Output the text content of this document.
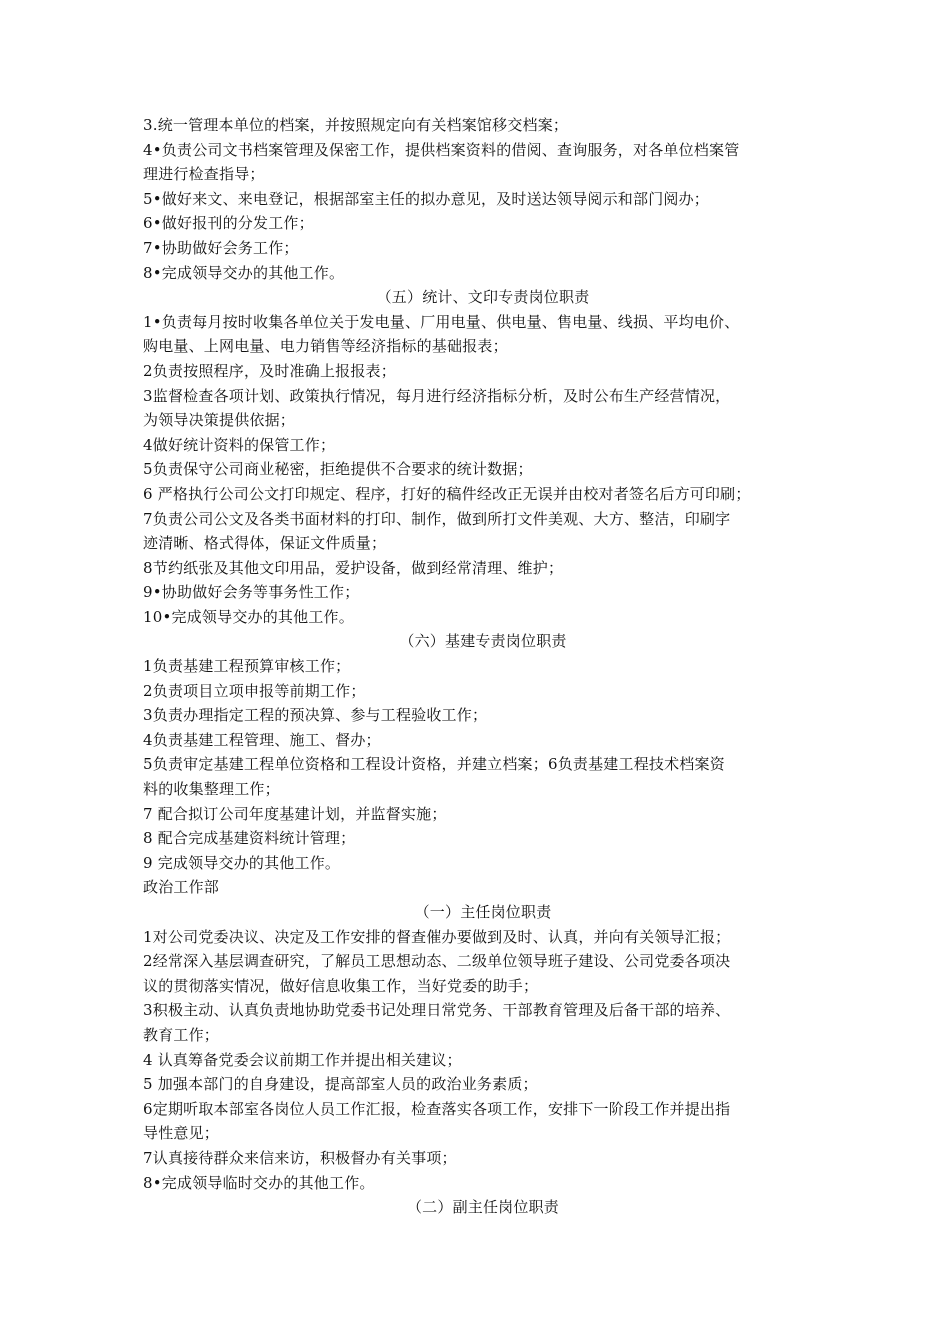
3.统一管理本单位的档案，并按照规定向有关档案馆移交档案；
4•负责公司文书档案管理及保密工作，提供档案资料的借阅、查询服务，对各单位档案管
理进行检查指导；
5•做好来文、来电登记，根据部室主任的拟办意见，及时送达领导阅示和部门阅办；
6•做好报刊的分发工作；
7•协助做好会务工作；
8•完成领导交办的其他工作。
（五）统计、文印专责岗位职责
1•负责每月按时收集各单位关于发电量、厂用电量、供电量、售电量、线损、平均电价、
购电量、上网电量、电力销售等经济指标的基础报表；
2负责按照程序，及时准确上报报表；
3监督检查各项计划、政策执行情况，每月进行经济指标分析，及时公布生产经营情况，
为领导决策提供依据；
4做好统计资料的保管工作；
5负责保守公司商业秘密，拒绝提供不合要求的统计数据；
6 严格执行公司公文打印规定、程序，打好的稿件经改正无误并由校对者签名后方可印刷；
7负责公司公文及各类书面材料的打印、制作，做到所打文件美观、大方、整洁，印刷字
迹清晰、格式得体，保证文件质量；
8节约纸张及其他文印用品，爱护设备，做到经常清理、维护；
9•协助做好会务等事务性工作；
10•完成领导交办的其他工作。
（六）基建专责岗位职责
1负责基建工程预算审核工作；
2负责项目立项申报等前期工作；
3负责办理指定工程的预决算、参与工程验收工作；
4负责基建工程管理、施工、督办；
5负责审定基建工程单位资格和工程设计资格，并建立档案；6负责基建工程技术档案资
料的收集整理工作；
7 配合拟订公司年度基建计划，并监督实施；
8 配合完成基建资料统计管理；
9 完成领导交办的其他工作。
政治工作部
（一）主任岗位职责
1对公司党委决议、决定及工作安排的督查催办要做到及时、认真，并向有关领导汇报；
2经常深入基层调查研究，了解员工思想动态、二级单位领导班子建设、公司党委各项决
议的贯彻落实情况，做好信息收集工作，当好党委的助手；
3积极主动、认真负责地协助党委书记处理日常党务、干部教育管理及后备干部的培养、
教育工作；
4 认真筹备党委会议前期工作并提出相关建议；
5 加强本部门的自身建设，提高部室人员的政治业务素质；
6定期听取本部室各岗位人员工作汇报，检查落实各项工作，安排下一阶段工作并提出指
导性意见；
7认真接待群众来信来访，积极督办有关事项；
8•完成领导临时交办的其他工作。
（二）副主任岗位职责
